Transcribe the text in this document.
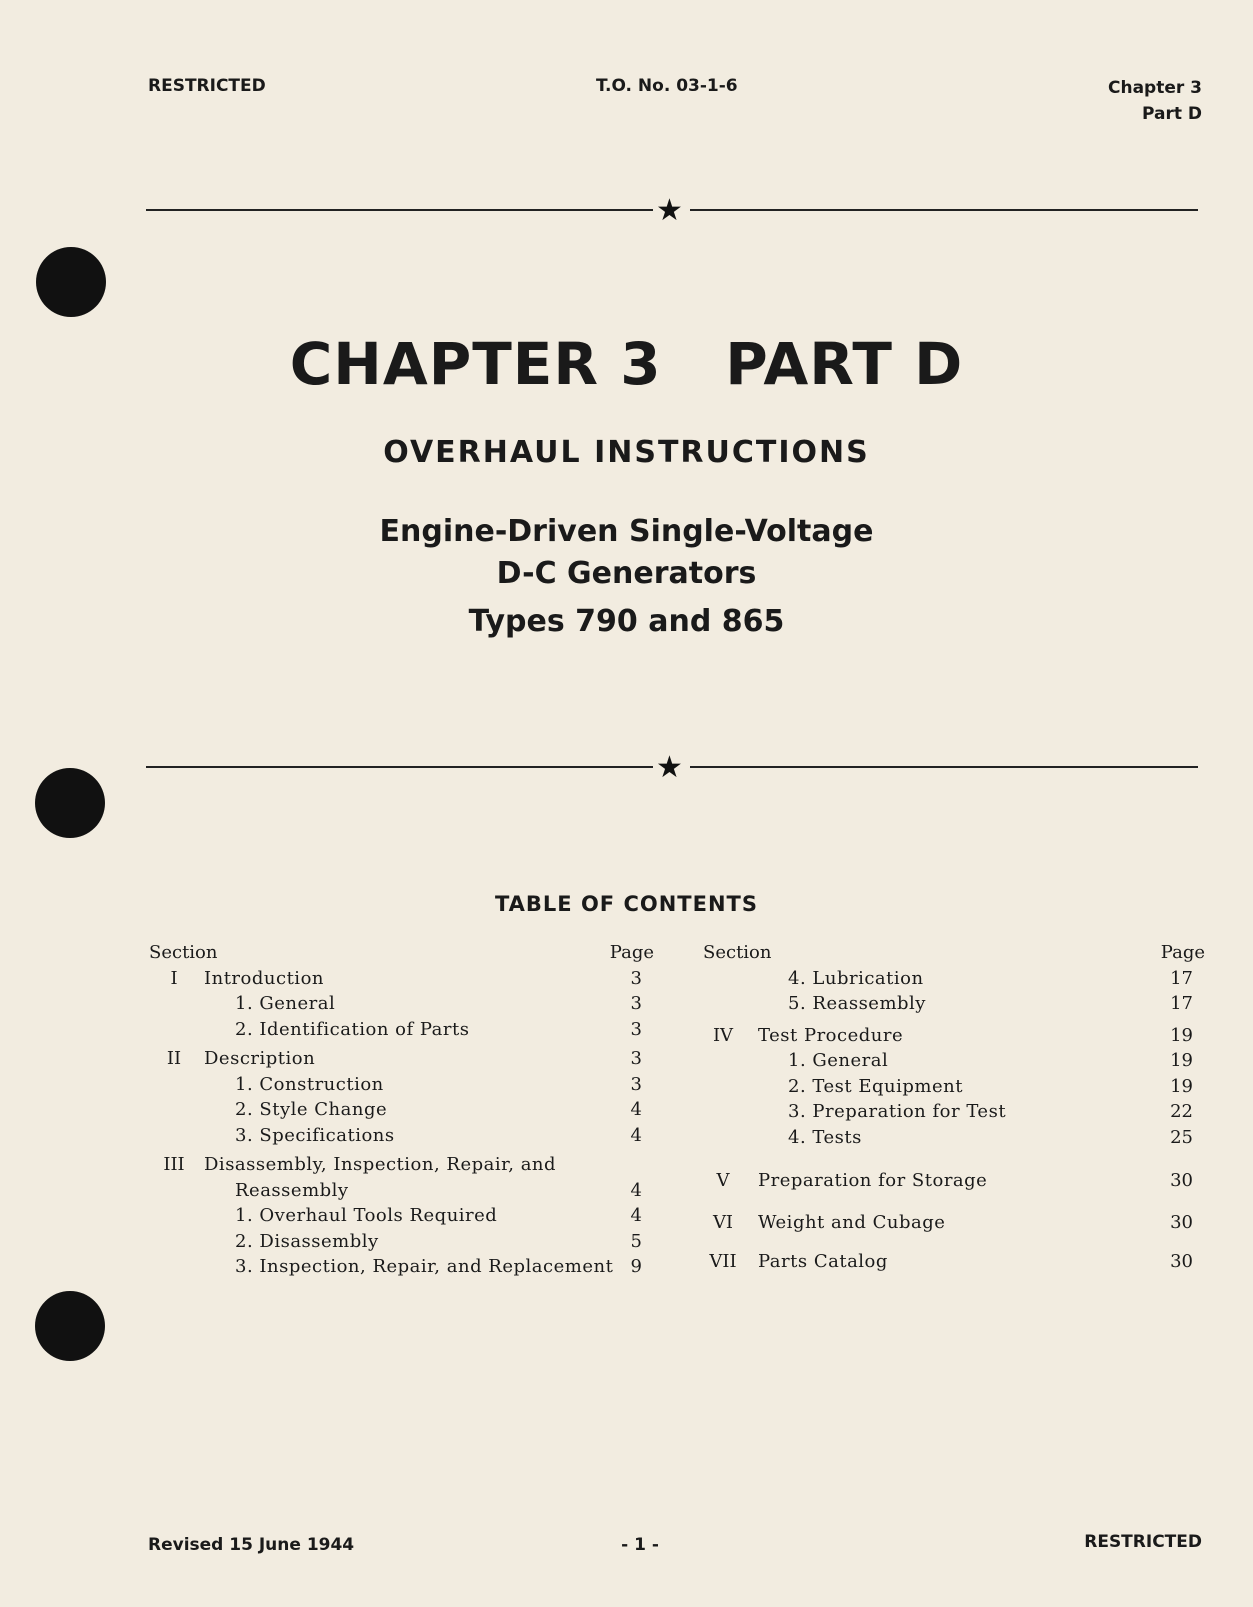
RESTRICTED	T.O. No. 03-1-6	Chapter 3
Part D
★
CHAPTER 3   PART D
OVERHAUL INSTRUCTIONS
Engine-Driven Single-Voltage
D-C Generators
Types 790 and 865
★
TABLE OF CONTENTS
Section	Page
I	Introduction	3
1. General	3
2. Identification of Parts	3
II	Description	3
1. Construction	3
2. Style Change	4
3. Specifications	4
III	Disassembly, Inspection, Repair, and
Reassembly	4
1. Overhaul Tools Required	4
2. Disassembly	5
3. Inspection, Repair, and Replacement 9
Section	Page
4. Lubrication	17
5. Reassembly	17
IV	Test Procedure	19
1. General	19
2. Test Equipment	19
3. Preparation for Test	22
4. Tests	25
V	Preparation for Storage	30
VI	Weight and Cubage	30
VII	Parts Catalog	30
Revised 15 June 1944	- 1 -	RESTRICTED
